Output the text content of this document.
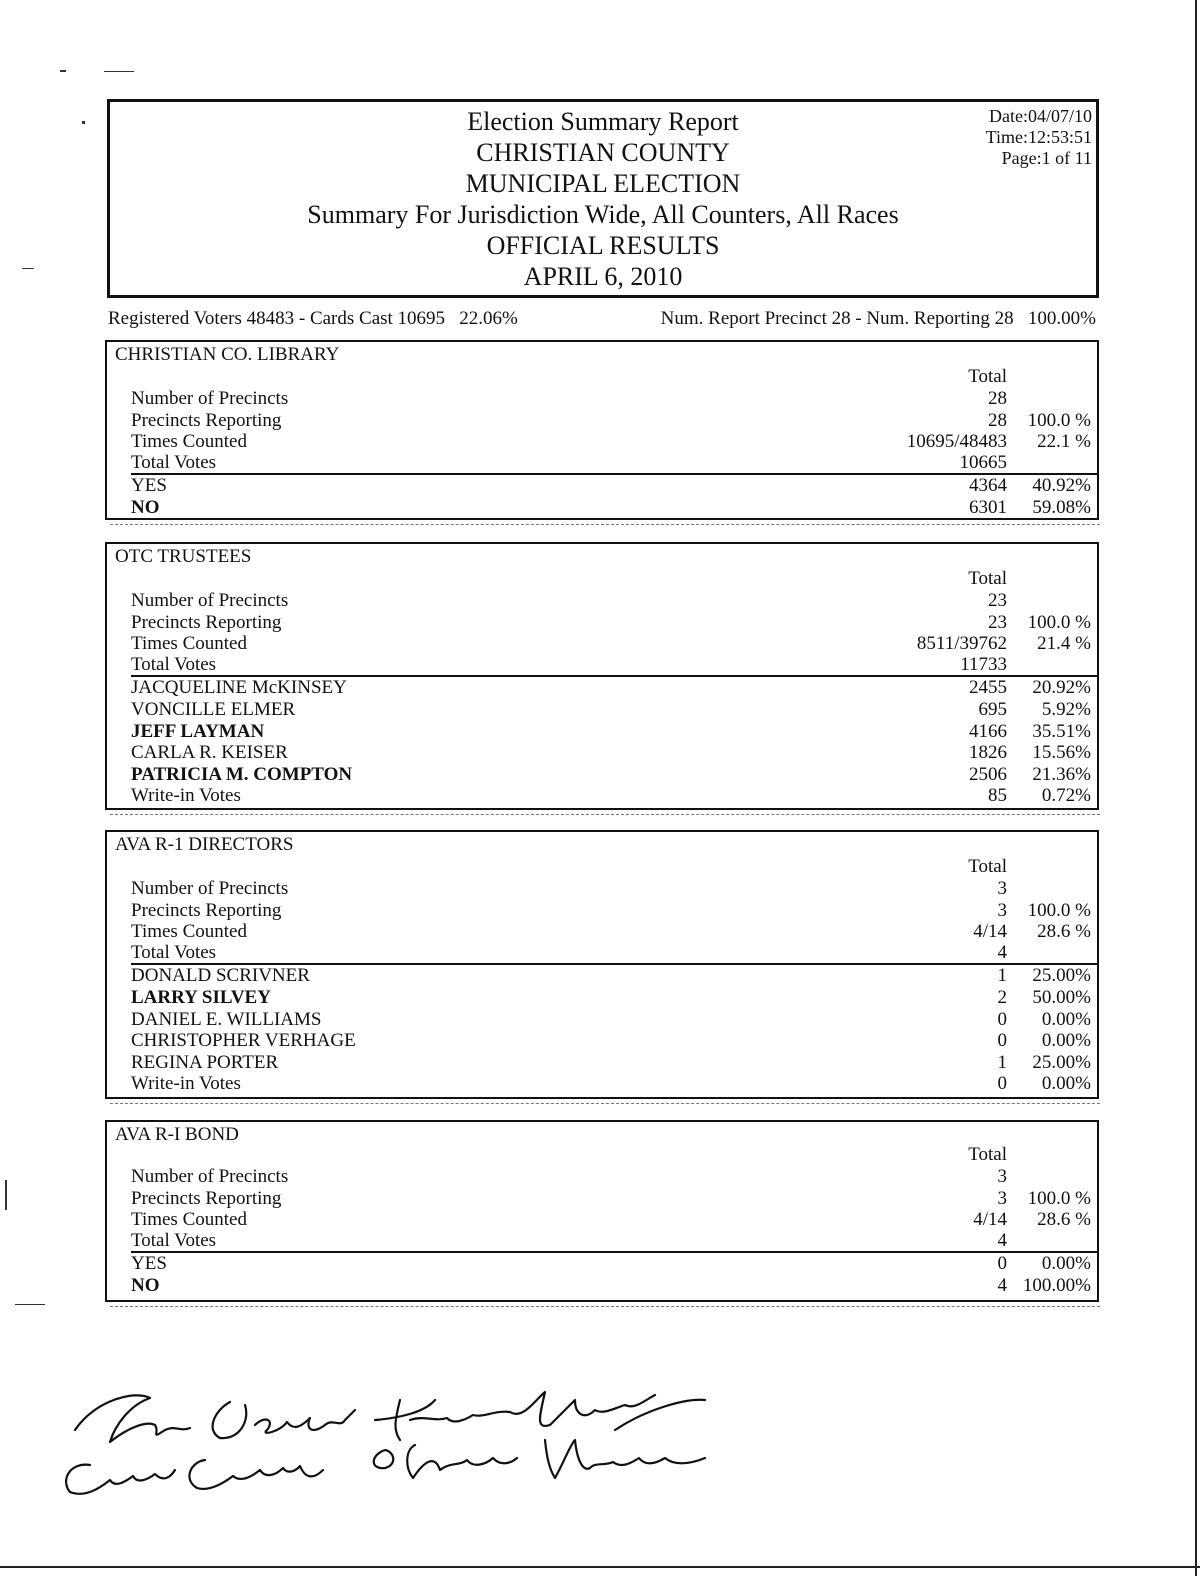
Election Summary Report
CHRISTIAN COUNTY
MUNICIPAL ELECTION
Summary For Jurisdiction Wide, All Counters, All Races
OFFICIAL RESULTS
APRIL 6, 2010
Date:04/07/10
Time:12:53:51
Page:1 of 11
Registered Voters 48483 - Cards Cast 10695   22.06%	Num. Report Precinct 28 - Num. Reporting 28   100.00%
CHRISTIAN CO. LIBRARY
Total
Number of Precincts	28
Precincts Reporting	28 100.0 %
Times Counted	10695/48483 22.1 %
Total Votes	10665
YES	4364 40.92%
NO	6301 59.08%
OTC TRUSTEES
Total
Number of Precincts	23
Precincts Reporting	23 100.0 %
Times Counted	8511/39762 21.4 %
Total Votes	11733
JACQUELINE McKINSEY	2455 20.92%
VONCILLE ELMER	695 5.92%
JEFF LAYMAN	4166 35.51%
CARLA R. KEISER	1826 15.56%
PATRICIA M. COMPTON	2506 21.36%
Write-in Votes	85 0.72%
AVA R-1 DIRECTORS
Total
Number of Precincts	3
Precincts Reporting	3 100.0 %
Times Counted	4/14 28.6 %
Total Votes	4
DONALD SCRIVNER	1 25.00%
LARRY SILVEY	2 50.00%
DANIEL E. WILLIAMS	0 0.00%
CHRISTOPHER VERHAGE	0 0.00%
REGINA PORTER	1 25.00%
Write-in Votes	0 0.00%
AVA R-I BOND
Total
Number of Precincts	3
Precincts Reporting	3 100.0 %
Times Counted	4/14 28.6 %
Total Votes	4
YES	0 0.00%
NO	4 100.00%
